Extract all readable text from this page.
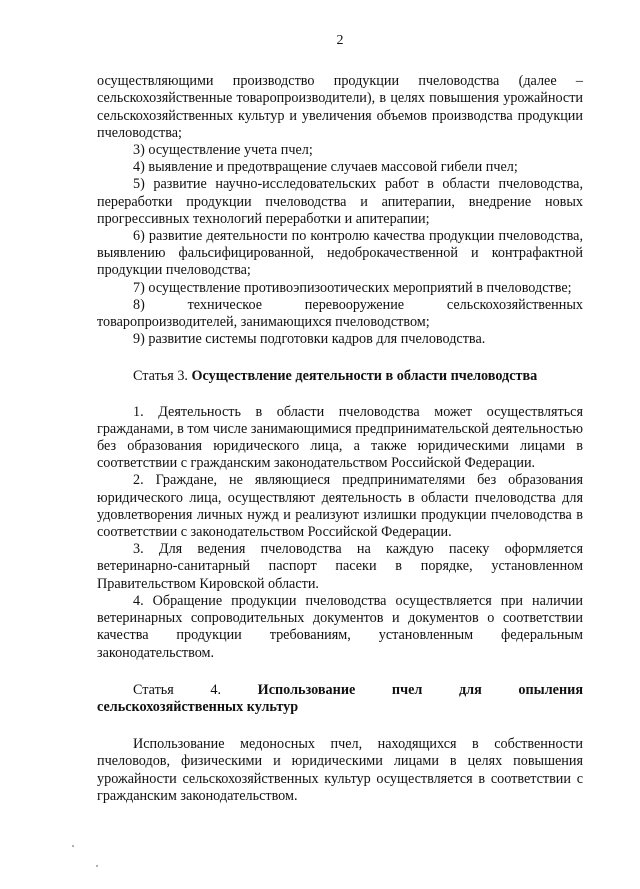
2

осуществляющими производство продукции пчеловодства (далее – сельскохозяйственные товаропроизводители), в целях повышения урожайности сельскохозяйственных культур и увеличения объемов производства продукции пчеловодства;

3) осуществление учета пчел;

4) выявление и предотвращение случаев массовой гибели пчел;

5) развитие научно-исследовательских работ в области пчеловодства, переработки продукции пчеловодства и апитерапии, внедрение новых прогрессивных технологий переработки и апитерапии;

6) развитие деятельности по контролю качества продукции пчеловодства, выявлению фальсифицированной, недоброкачественной и контрафактной продукции пчеловодства;

7) осуществление противоэпизоотических мероприятий в пчеловодстве;

8) техническое перевооружение сельскохозяйственных товаропроизводителей, занимающихся пчеловодством;

9) развитие системы подготовки кадров для пчеловодства.

Статья 3. Осуществление деятельности в области пчеловодства

1. Деятельность в области пчеловодства может осуществляться гражданами, в том числе занимающимися предпринимательской деятельностью без образования юридического лица, а также юридическими лицами в соответствии с гражданским законодательством Российской Федерации.

2. Граждане, не являющиеся предпринимателями без образования юридического лица, осуществляют деятельность в области пчеловодства для удовлетворения личных нужд и реализуют излишки продукции пчеловодства в соответствии с законодательством Российской Федерации.

3. Для ведения пчеловодства на каждую пасеку оформляется ветеринарно-санитарный паспорт пасеки в порядке, установленном Правительством Кировской области.

4. Обращение продукции пчеловодства осуществляется при наличии ветеринарных сопроводительных документов и документов о соответствии качества продукции требованиям, установленным федеральным законодательством.

Статья 4.	Использование пчел для опыления

сельскохозяйственных культур

Использование медоносных пчел, находящихся в собственности пчеловодов, физическими и юридическими лицами в целях повышения урожайности сельскохозяйственных культур осуществляется в соответствии с гражданским законодательством.
